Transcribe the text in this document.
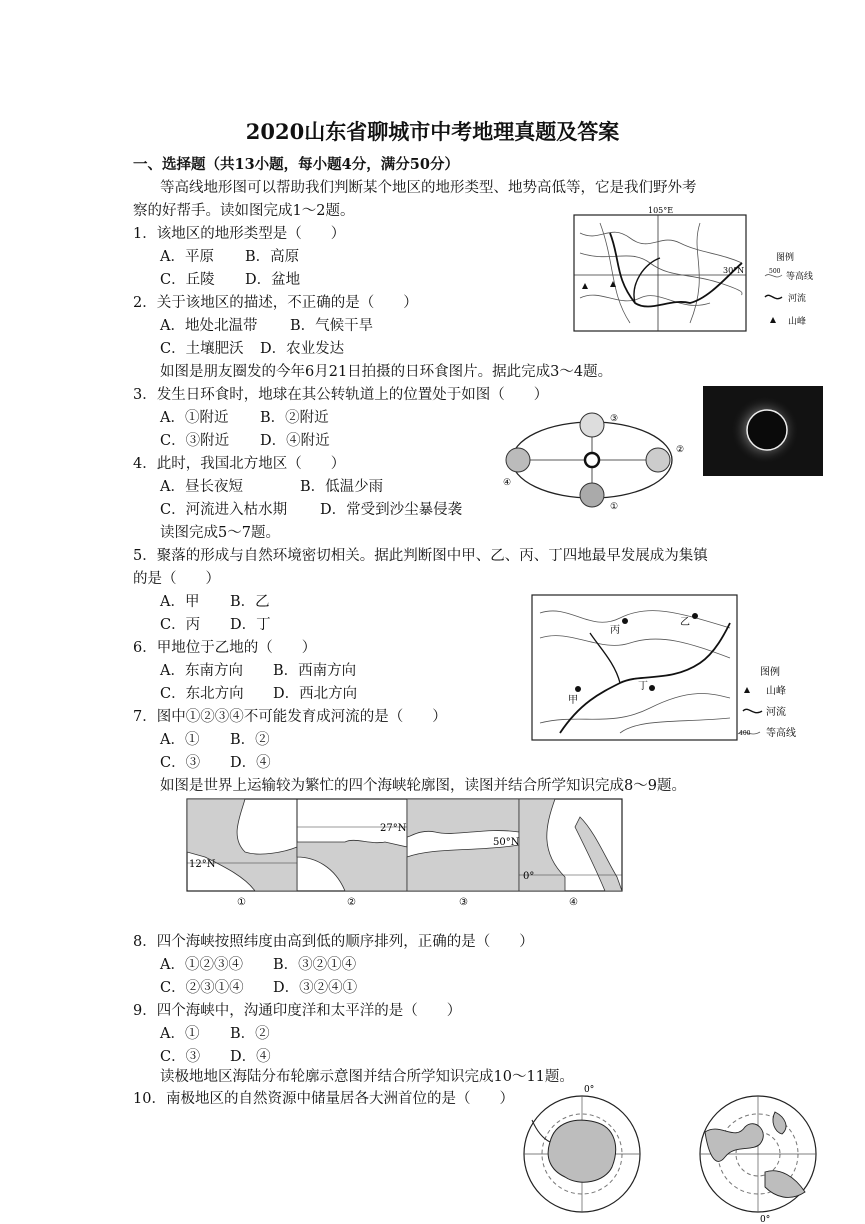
2020山东省聊城市中考地理真题及答案
一、选择题（共13小题，每小题4分，满分50分）
等高线地形图可以帮助我们判断某个地区的地形类型、地势高低等，它是我们野外考
察的好帮手。读如图完成1～2题。
1．该地区的地形类型是（　　）
A．平原 B．高原
C．丘陵 D．盆地
2．关于该地区的描述，不正确的是（　　）
A．地处北温带 B．气候干旱
C．土壤肥沃 D．农业发达
如图是朋友圈发的今年6月21日拍摄的日环食图片。据此完成3～4题。
3．发生日环食时，地球在其公转轨道上的位置处于如图（　　）
A．①附近 B．②附近
C．③附近 D．④附近
4．此时，我国北方地区（　　）
A．昼长夜短	B．低温少雨
C．河流进入枯水期 D．常受到沙尘暴侵袭
读图完成5～7题。
5．聚落的形成与自然环境密切相关。据此判断图中甲、乙、丙、丁四地最早发展成为集镇
的是（　　）
A．甲 B．乙
C．丙 D．丁
6．甲地位于乙地的（　　）
A．东南方向 B．西南方向
C．东北方向 D．西北方向
7．图中①②③④不可能发育成河流的是（　　）
A．① B．②
C．③ D．④
如图是世界上运输较为繁忙的四个海峡轮廓图，读图并结合所学知识完成8～9题。
8．四个海峡按照纬度由高到低的顺序排列，正确的是（　　）
A．①②③④ B．③②①④
C．②③①④ D．③②④①
9．四个海峡中，沟通印度洋和太平洋的是（　　）
A．① B．②
C．③ D．④
读极地地区海陆分布轮廓示意图并结合所学知识完成10～11题。
10．南极地区的自然资源中储量居各大洲首位的是（　　）
105°E
30°N
图例
500
等高线
河流
山峰
③
②
①
④
甲
乙
丙
丁
图例
山峰
河流
400 等高线
12°N
27°N
50°N
0°
①	②	③	④
0°
0°
